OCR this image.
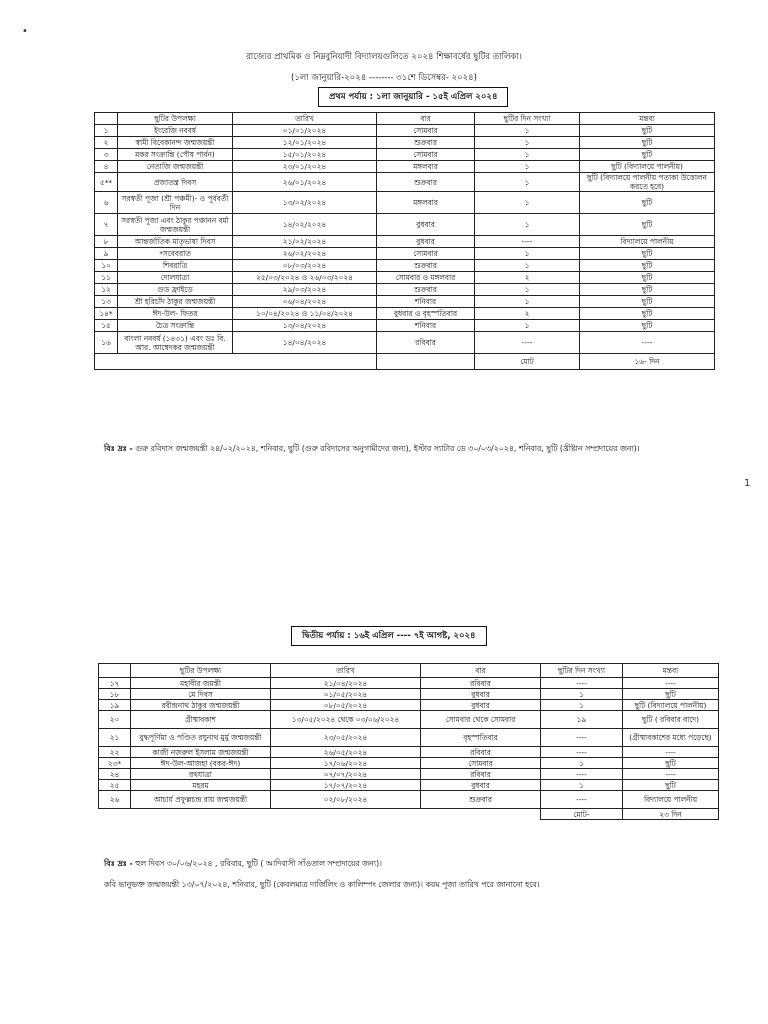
•
রাজ্যের প্রাথমিক ও নিম্নবুনিয়াদী বিদ্যালয়গুলিতে ২০২৪ শিক্ষাবর্ষের ছুটির তালিকা।
(১লা জানুয়ারি-২০২৪ -------- ৩১শে ডিসেম্বর- ২০২৪)
প্রথম পর্যায় : ১লা জানুয়ারি - ১৫ই এপ্রিল ২০২৪
	ছুটির উপলক্ষ্য	তারিখ	বার	ছুটির দিন সংখ্যা	মন্তব্য
১	ইংরেজি নববর্ষ	০১/০১/২০২৪	সোমবার	১	ছুটি
২	স্বামী বিবেকানন্দ জন্মজয়ন্তী	১২/০১/২০২৪	শুক্রবার	১	ছুটি
৩	মকর সংক্রান্তি (পৌষ পার্বন)	১৫/০১/২০২৪	সোমবার	১	ছুটি
৪	নেতাজি জন্মজয়ন্তী	২৩/০১/২০২৪	মঙ্গলবার	১	ছুটি (বিদ্যালয়ে পালনীয়)
৫**	প্রজাতন্ত্র দিবস	২৬/০১/২০২৪	শুক্রবার	১	ছুটি (বিদ্যালয়ে পালনীয় পতাকা উত্তোলন করতে হবে)
৬	সরস্বতী পূজা (শ্রী পঞ্চমী)- ও পূর্ববর্তী দিন	১৩/০২/২০২৪	মঙ্গলবার	১	ছুটি
৭	সরস্বতী পূজা এবং ঠাকুর পঞ্চানন বর্মা জন্মজয়ন্তী	১৪/০২/২০২৪	বুধবার	১	ছুটি
৮	আন্তর্জাতিক মাতৃভাষা দিবস	২১/০২/২০২৪	বুধবার	----	বিদ্যালয়ে পালনীয়
৯	*সবেবরাত	২৬/০২/২০২৪	সোমবার	১	ছুটি
১০	শিবরাত্রি	০৮/০৩/২০২৪	শুক্রবার	১	ছুটি
১১	দোলযাত্রা	২৫/০৩/২০২৪ ও ২৬/০৩/২০২৪	সোমবার ও মঙ্গলবার	২	ছুটি
১২	গুড ফ্রাইডে	২৯/০৩/২০২৪	শুক্রবার	১	ছুটি
১৩	শ্রী হরিচাঁদ ঠাকুর জন্মজয়ন্তী	০৬/০৪/২০২৪	শনিবার	১	ছুটি
১৪*	ঈদ-উল- ফিতর	১০/০৪/২০২৪ ও ১১/০৪/২০২৪	বুধবার ও বৃহস্পতিবার	২	ছুটি
১৫	চৈত্র সংক্রান্তি	১৩/০৪/২০২৪	শনিবার	১	ছুটি
১৬	বাংলা নববর্ষ (১৪৩১) এবং ডঃ বি. আর. আম্বেদকর জন্মজয়ন্তী	১৪/০৪/২০২৪	রবিবার	----	----
				মোট	১৬- দিন
বিঃ দ্রঃ - গুরু রবিদাস জন্মজয়ন্তী ২৪/০২/২০২৪, শনিবার, ছুটি (গুরু রবিদাসের অনুগামীদের জন্য), ইস্টার স্যাটার ডে ৩০/০৩/২০২৪, শনিবার, ছুটি (খ্রীষ্টান সম্প্রদায়ের জন্য)।
1
দ্বিতীয় পর্যায় : ১৬ই এপ্রিল ---- ৭ই আগষ্ট, ২০২৪
	ছুটির উপলক্ষ্য	তারিখ	বার	ছুটির দিন সংখ্যা	মন্তব্য
১৭	মহাবীর জয়ন্তী	২১/০৪/২০২৪	রবিবার	----	----
১৮	মে দিবস	০১/০৫/২০২৪	বুধবার	১	ছুটি
১৯	রবীন্দ্রনাথ ঠাকুর জন্মজয়ন্তী	০৮/০৫/২০২৪	বুধবার	১	ছুটি (বিদ্যালয়ে পালনীয়)
২০	গ্রীষ্মাবকাশ	১৩/০৫/২০২৪ থেকে ০৩/০৬/২০২৪	সোমবার থেকে সোমবার	১৯	ছুটি ( রবিবার বাদে)
২১	বুদ্ধপূর্ণিমা ও পণ্ডিত রঘুনাথ মুর্মু জন্মজয়ন্তী	২৩/০৫/২০২৪	বৃহস্পতিবার	----	(গ্রীষ্মাবকাশের মধ্যে পড়েছে)
২২	কাজী নজরুল ইসলাম জন্মজয়ন্তী	২৬/০৫/২০২৪	রবিবার	----	----
২৩*	ঈদ-উল-আজহা (বকর-ঈদ)	১৭/০৬/২০২৪	সোমবার	১	ছুটি
২৪	রথযাত্রা	০৭/০৭/২০২৪	রবিবার	----	----
২৫	মহরম	১৭/০৭/২০২৪	বুধবার	১	ছুটি
২৬	আচার্য প্রফুল্লচন্দ্র রায় জন্মজয়ন্তী	০২/০৮/২০২৪	শুক্রবার	----	বিদ্যালয়ে পালনীয়
				মোট-	২৩ দিন
বিঃ দ্রঃ - হুল দিবস ৩০/০৬/২০২৪ , রবিবার, ছুটি ( আদিবাসী সাঁওতাল সম্প্রদায়ের জন্য)।
কবি ভানুভক্ত জন্মজয়ন্তী ১৩/০৭/২০২৪, শনিবার, ছুটি (কেবলমাত্র দার্জিলিং ও কালিম্পং জেলার জন্য)। করম পূজা তারিখ পরে জানানো হবে।
